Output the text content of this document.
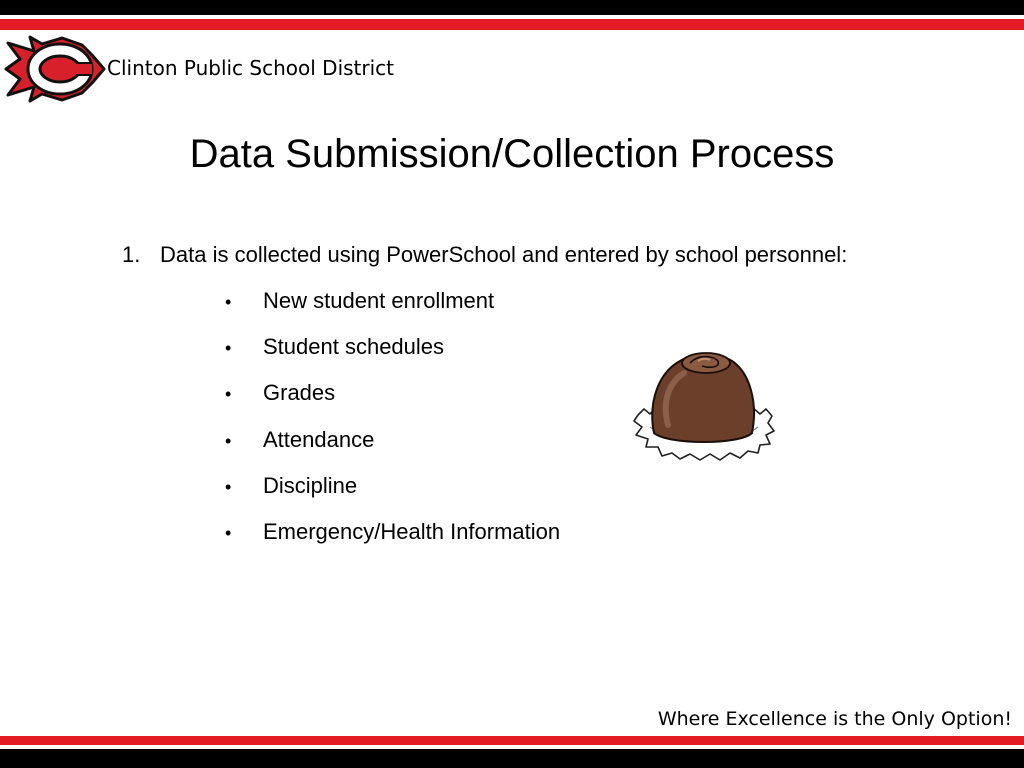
Clinton Public School District
Data Submission/Collection Process
1. Data is collected using PowerSchool and entered by school personnel:
• New student enrollment
• Student schedules
• Grades
• Attendance
• Discipline
• Emergency/Health Information
Where Excellence is the Only Option!
